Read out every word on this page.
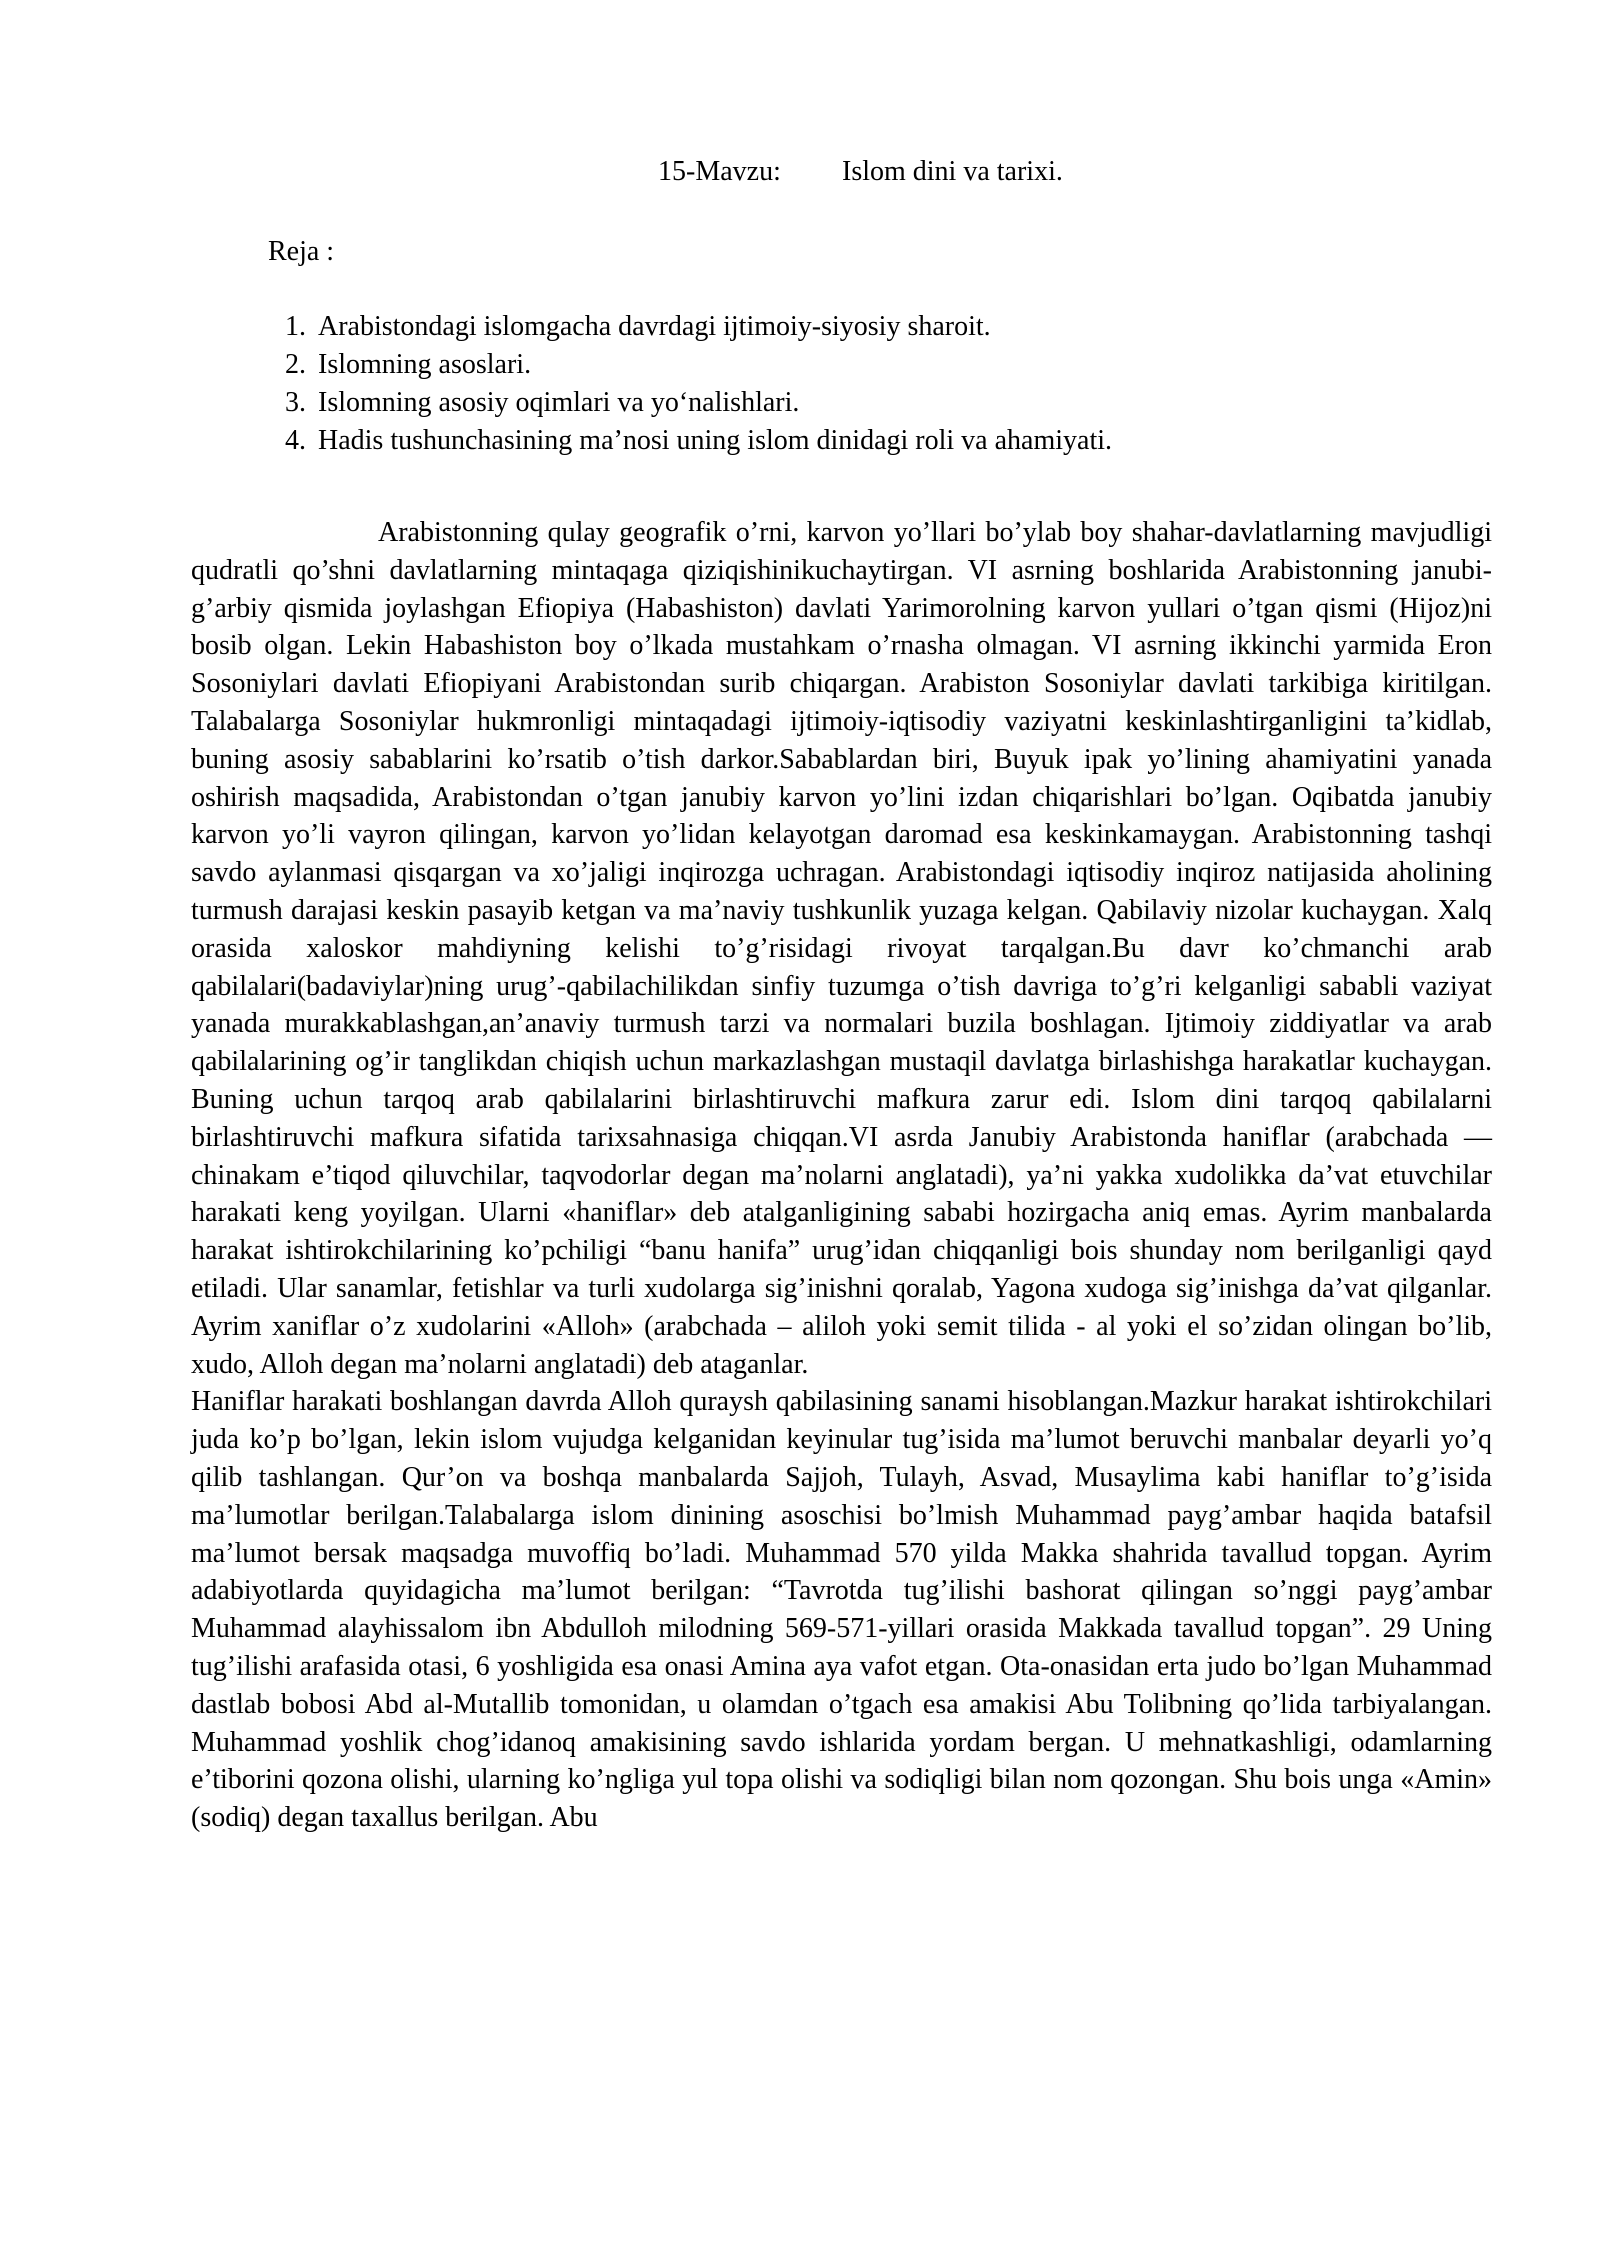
15-Mavzu: Islom dini va tarixi.
Reja :
1. Arabistondagi islomgacha davrdagi ijtimoiy-siyosiy sharoit.
2. Islomning asoslari.
3. Islomning asosiy oqimlari va yo‘nalishlari.
4. Hadis tushunchasining ma’nosi uning islom dinidagi roli va ahamiyati.

Arabistonning qulay geografik o’rni, karvon yo’llari bo’ylab boy shahar-davlatlarning mavjudligi qudratli qo’shni davlatlarning mintaqaga qiziqishinikuchaytirgan. VI asrning boshlarida Arabistonning janubi-g’arbiy qismida joylashgan Efiopiya (Habashiston) davlati Yarimorolning karvon yullari o’tgan qismi (Hijoz)ni bosib olgan. Lekin Habashiston boy o’lkada mustahkam o’rnasha olmagan. VI asrning ikkinchi yarmida Eron Sosoniylari davlati Efiopiyani Arabistondan surib chiqargan. Arabiston Sosoniylar davlati tarkibiga kiritilgan. Talabalarga Sosoniylar hukmronligi mintaqadagi ijtimoiy-iqtisodiy vaziyatni keskinlashtirganligini ta’kidlab, buning asosiy sabablarini ko’rsatib o’tish darkor.Sabablardan biri, Buyuk ipak yo’lining ahamiyatini yanada oshirish maqsadida, Arabistondan o’tgan janubiy karvon yo’lini izdan chiqarishlari bo’lgan. Oqibatda janubiy karvon yo’li vayron qilingan, karvon yo’lidan kelayotgan daromad esa keskinkamaygan. Arabistonning tashqi savdo aylanmasi qisqargan va xo’jaligi inqirozga uchragan. Arabistondagi iqtisodiy inqiroz natijasida aholining turmush darajasi keskin pasayib ketgan va ma’naviy tushkunlik yuzaga kelgan. Qabilaviy nizolar kuchaygan. Xalq orasida xaloskor mahdiyning kelishi to’g’risidagi rivoyat tarqalgan.Bu davr ko’chmanchi arab qabilalari(badaviylar)ning urug’-qabilachilikdan sinfiy tuzumga o’tish davriga to’g’ri kelganligi sababli vaziyat yanada murakkablashgan,an’anaviy turmush tarzi va normalari buzila boshlagan. Ijtimoiy ziddiyatlar va arab qabilalarining og’ir tanglikdan chiqish uchun markazlashgan mustaqil davlatga birlashishga harakatlar kuchaygan. Buning uchun tarqoq arab qabilalarini birlashtiruvchi mafkura zarur edi. Islom dini tarqoq qabilalarni birlashtiruvchi mafkura sifatida tarixsahnasiga chiqqan.VI asrda Janubiy Arabistonda haniflar (arabchada — chinakam e’tiqod qiluvchilar, taqvodorlar degan ma’nolarni anglatadi), ya’ni yakka xudolikka da’vat etuvchilar harakati keng yoyilgan. Ularni «haniflar» deb atalganligining sababi hozirgacha aniq emas. Ayrim manbalarda harakat ishtirokchilarining ko’pchiligi “banu hanifa” urug’idan chiqqanligi bois shunday nom berilganligi qayd etiladi. Ular sanamlar, fetishlar va turli xudolarga sig’inishni qoralab, Yagona xudoga sig’inishga da’vat qilganlar. Ayrim xaniflar o’z xudolarini «Alloh» (arabchada – aliloh yoki semit tilida - al yoki el so’zidan olingan bo’lib, xudo, Alloh degan ma’nolarni anglatadi) deb ataganlar.

Haniflar harakati boshlangan davrda Alloh quraysh qabilasining sanami hisoblangan.Mazkur harakat ishtirokchilari juda ko’p bo’lgan, lekin islom vujudga kelganidan keyinular tug’isida ma’lumot beruvchi manbalar deyarli yo’q qilib tashlangan. Qur’on va boshqa manbalarda Sajjoh, Tulayh, Asvad, Musaylima kabi haniflar to’g’isida ma’lumotlar berilgan.Talabalarga islom dinining asoschisi bo’lmish Muhammad payg’ambar haqida batafsil ma’lumot bersak maqsadga muvoffiq bo’ladi. Muhammad 570 yilda Makka shahrida tavallud topgan. Ayrim adabiyotlarda quyidagicha ma’lumot berilgan: “Tavrotda tug’ilishi bashorat qilingan so’nggi payg’ambar Muhammad alayhissalom ibn Abdulloh milodning 569-571-yillari orasida Makkada tavallud topgan”. 29 Uning tug’ilishi arafasida otasi, 6 yoshligida esa onasi Amina aya vafot etgan. Ota-onasidan erta judo bo’lgan Muhammad dastlab bobosi Abd al-Mutallib tomonidan, u olamdan o’tgach esa amakisi Abu Tolibning qo’lida tarbiyalangan. Muhammad yoshlik chog’idanoq amakisining savdo ishlarida yordam bergan. U mehnatkashligi, odamlarning e’tiborini qozona olishi, ularning ko’ngliga yul topa olishi va sodiqligi bilan nom qozongan. Shu bois unga «Amin» (sodiq) degan taxallus berilgan. Abu
